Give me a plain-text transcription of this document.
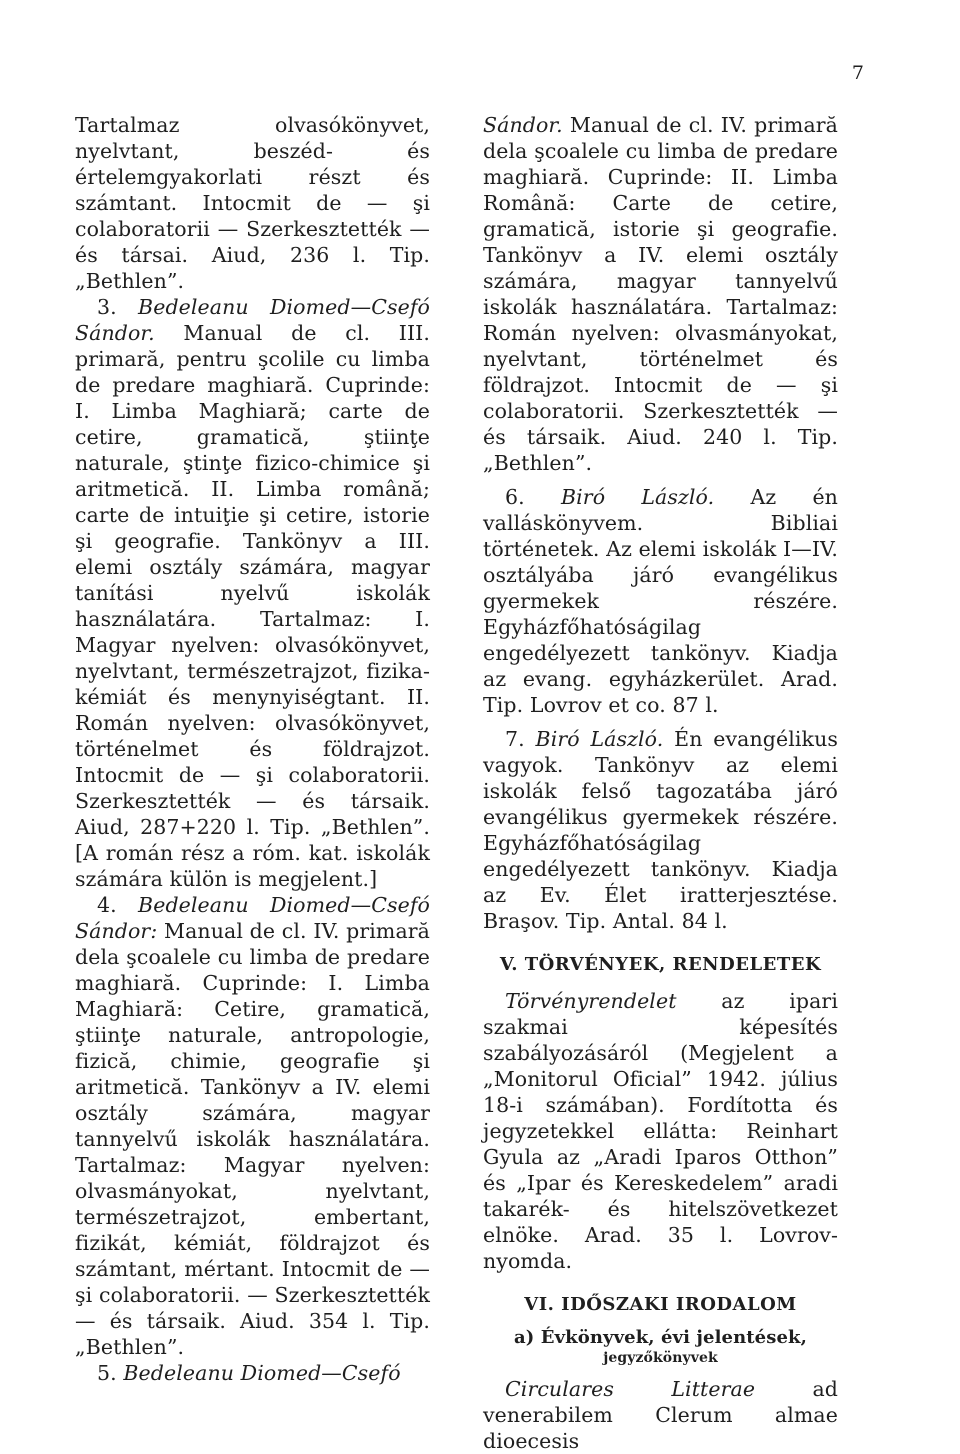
7

Tartalmaz olvasókönyvet, nyelvtant, beszéd- és értelemgyakorlati részt és számtant. Intocmit de — şi colaboratorii — Szerkesztették — és társai. Aiud, 236 l. Tip. „Bethlen”.

3. Bedeleanu Diomed—Csefó Sándor. Manual de cl. III. primară, pentru şcolile cu limba de predare maghiară. Cuprinde: I. Limba Maghiară; carte de cetire, gramatică, ştiinţe naturale, ştinţe fizico-chimice şi aritmetică. II. Limba română; carte de intuiţie şi cetire, istorie şi geografie. Tankönyv a III. elemi osztály számára, magyar tanítási nyelvű iskolák használatára. Tartalmaz: I. Magyar nyelven: olvasókönyvet, nyelvtant, természetrajzot, fizika-kémiát és menynyiségtant. II. Román nyelven: olvasókönyvet, történelmet és földrajzot. Intocmit de — şi colaboratorii. Szerkesztették — és társaik. Aiud, 287+220 l. Tip. „Bethlen”. [A román rész a róm. kat. iskolák számára külön is megjelent.]

4. Bedeleanu Diomed—Csefó Sándor: Manual de cl. IV. primară dela şcoalele cu limba de predare maghiară. Cuprinde: I. Limba Maghiară: Cetire, gramatică, ştiinţe naturale, antropologie, fizică, chimie, geografie şi aritmetică. Tankönyv a IV. elemi osztály számára, magyar tannyelvű iskolák használatára. Tartalmaz: Magyar nyelven: olvasmányokat, nyelvtant, természetrajzot, embertant, fizikát, kémiát, földrajzot és számtant, mértant. Intocmit de — şi colaboratorii. — Szerkesztették — és társaik. Aiud. 354 l. Tip. „Bethlen”.

5. Bedeleanu Diomed—Csefó

Sándor. Manual de cl. IV. primară dela şcoalele cu limba de predare maghiară. Cuprinde: II. Limba Română: Carte de cetire, gramatică, istorie şi geografie. Tankönyv a IV. elemi osztály számára, magyar tannyelvű iskolák használatára. Tartalmaz: Román nyelven: olvasmányokat, nyelvtant, történelmet és földrajzot. Intocmit de — şi colaboratorii. Szerkesztették — és társaik. Aiud. 240 l. Tip. „Bethlen”.

6. Biró László. Az én valláskönyvem. Bibliai történetek. Az elemi iskolák I—IV. osztályába járó evangélikus gyermekek részére. Egyházfőhatóságilag engedélyezett tankönyv. Kiadja az evang. egyházkerület. Arad. Tip. Lovrov et co. 87 l.

7. Biró László. Én evangélikus vagyok. Tankönyv az elemi iskolák felső tagozatába járó evangélikus gyermekek részére. Egyházfőhatóságilag engedélyezett tankönyv. Kiadja az Ev. Élet iratterjesztése. Braşov. Tip. Antal. 84 l.

V. TÖRVÉNYEK, RENDELETEK

Törvényrendelet az ipari szakmai képesítés szabályozásáról (Megjelent a „Monitorul Oficial” 1942. július 18-i számában). Fordította és jegyzetekkel ellátta: Reinhart Gyula az „Aradi Iparos Otthon” és „Ipar és Kereskedelem” aradi takarék- és hitelszövetkezet elnöke. Arad. 35 l. Lovrov-nyomda.

VI. IDŐSZAKI IRODALOM
a) Évkönyvek, évi jelentések,
jegyzőkönyvek

Circulares Litterae	ad venerabilem Clerum almae dioecesis
